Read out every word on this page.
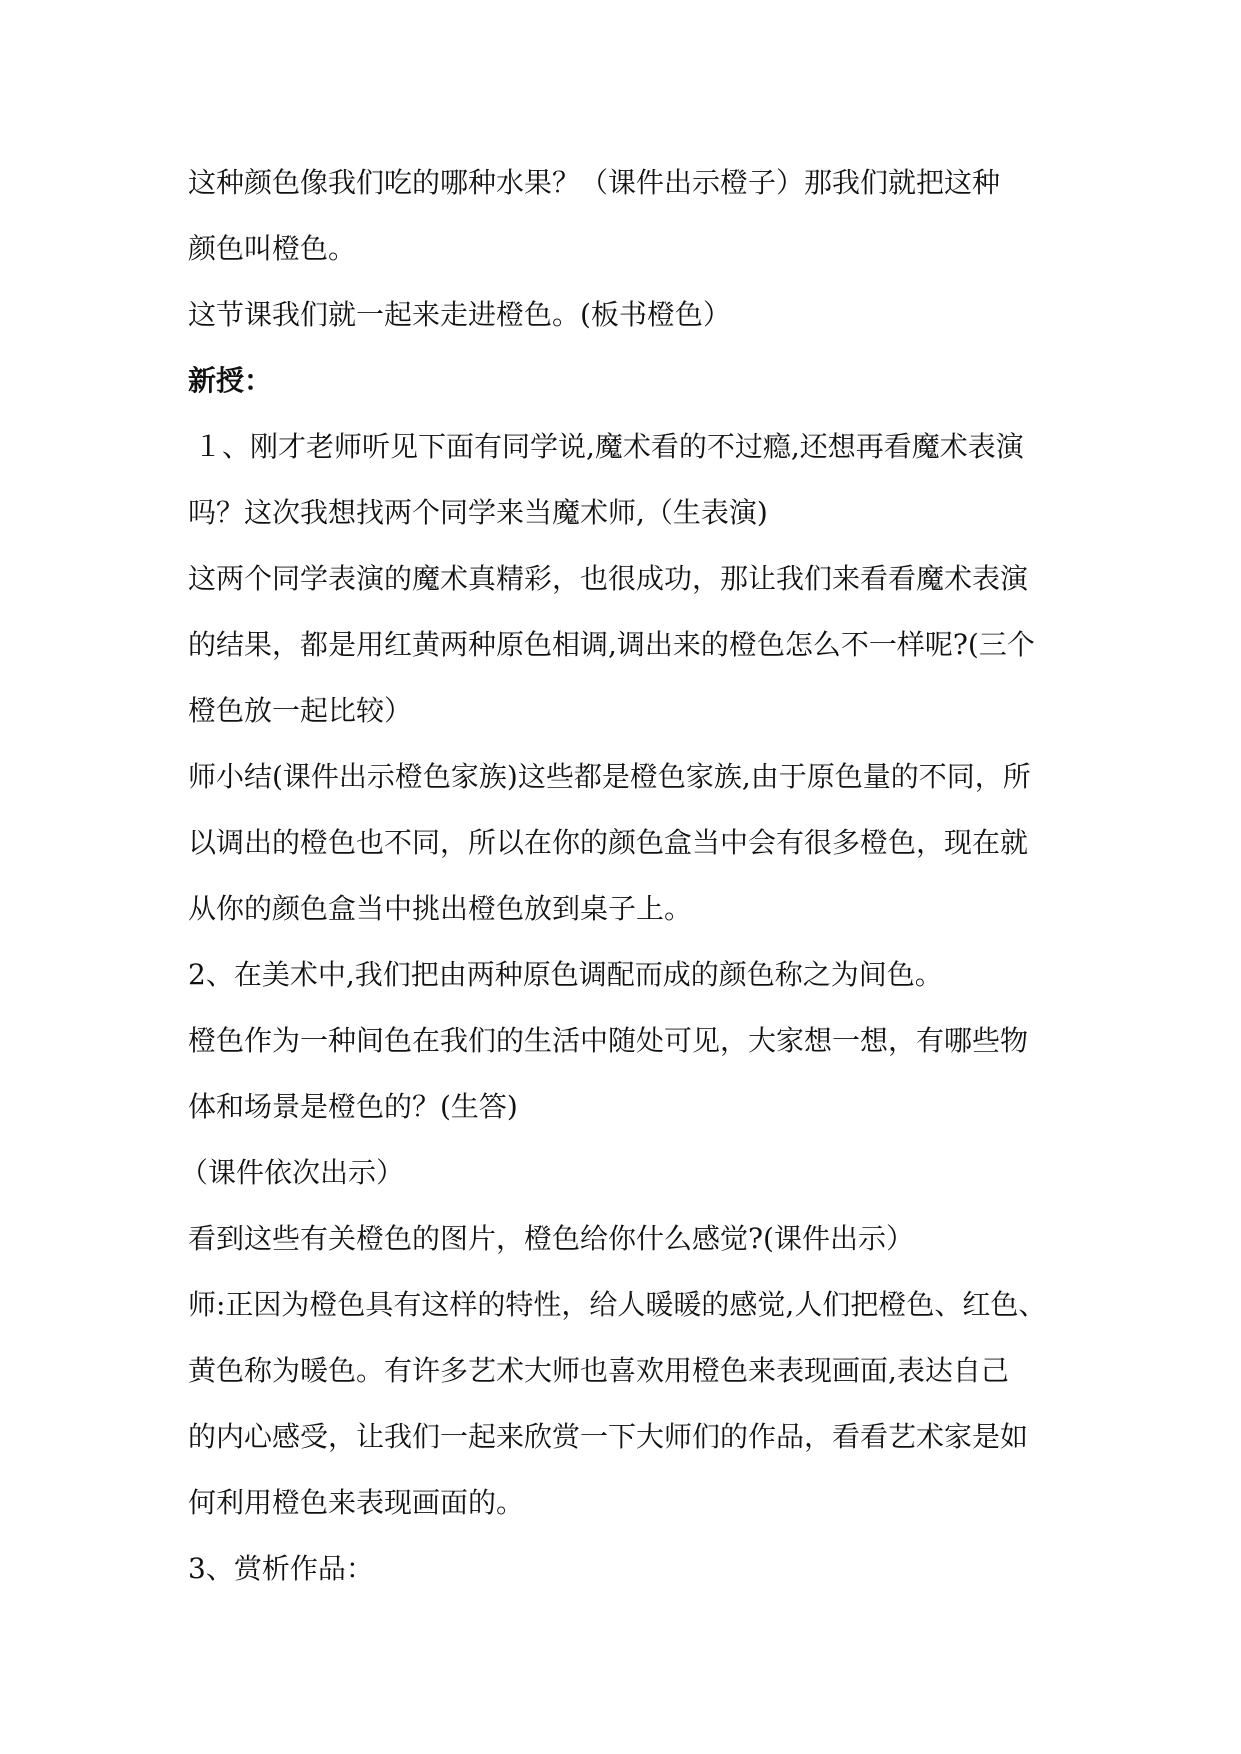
这种颜色像我们吃的哪种水果？（课件出示橙子）那我们就把这种
颜色叫橙色。
这节课我们就一起来走进橙色。(板书橙色）
新授：
１、刚才老师听见下面有同学说,魔术看的不过瘾,还想再看魔术表演
吗？这次我想找两个同学来当魔术师,（生表演)
这两个同学表演的魔术真精彩，也很成功，那让我们来看看魔术表演
的结果，都是用红黄两种原色相调,调出来的橙色怎么不一样呢?(三个
橙色放一起比较）
师小结(课件出示橙色家族)这些都是橙色家族,由于原色量的不同，所
以调出的橙色也不同，所以在你的颜色盒当中会有很多橙色，现在就
从你的颜色盒当中挑出橙色放到桌子上。
2、在美术中,我们把由两种原色调配而成的颜色称之为间色。
橙色作为一种间色在我们的生活中随处可见，大家想一想，有哪些物
体和场景是橙色的？(生答)
（课件依次出示）
看到这些有关橙色的图片，橙色给你什么感觉?(课件出示）
师:正因为橙色具有这样的特性，给人暖暖的感觉,人们把橙色、红色、
黄色称为暖色。有许多艺术大师也喜欢用橙色来表现画面,表达自己
的内心感受，让我们一起来欣赏一下大师们的作品，看看艺术家是如
何利用橙色来表现画面的。
3、赏析作品：
